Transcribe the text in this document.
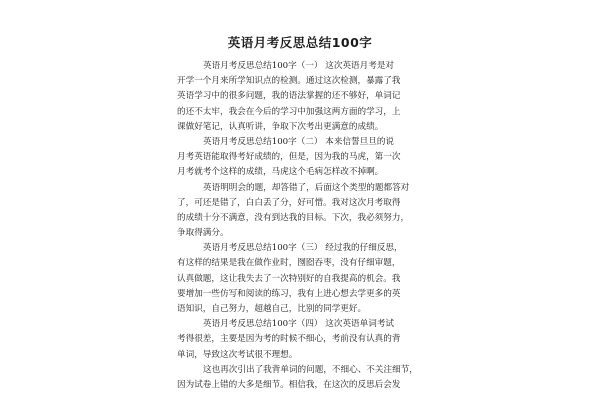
英语月考反思总结100字
英语月考反思总结100字（一） 这次英语月考是对
开学一个月来所学知识点的检测。通过这次检测，暴露了我
英语学习中的很多问题，我的语法掌握的还不够好，单词记
的还不太牢，我会在今后的学习中加强这两方面的学习，上
课做好笔记，认真听讲，争取下次考出更满意的成绩。
英语月考反思总结100字（二） 本来信誓旦旦的说
月考英语能取得考好成绩的，但是，因为我的马虎，第一次
月考就考个这样的成绩，马虎这个毛病怎样改不掉啊。
英语明明会的题，却答错了，后面这个类型的题都答对
了，可还是错了，白白丢了分，好可惜。我对这次月考取得
的成绩十分不满意，没有到达我的目标。下次，我必须努力，
争取得满分。
英语月考反思总结100字（三） 经过我的仔细反思，
有这样的结果是我在做作业时，囫囵吞枣，没有仔细审题，
认真做题，这让我失去了一次特别好的自我提高的机会。我
要增加一些仿写和阅读的练习，我有上进心想去学更多的英
语知识，自己努力，超越自己，比别的同学更好。
英语月考反思总结100字（四） 这次英语单词考试
考得很差，主要是因为考的时候不细心，考前没有认真的背
单词，导致这次考试很不理想。
这也再次引出了我背单词的问题，不细心、不关注细节，
因为试卷上错的大多是细节。相信我，在这次的反思后会发
